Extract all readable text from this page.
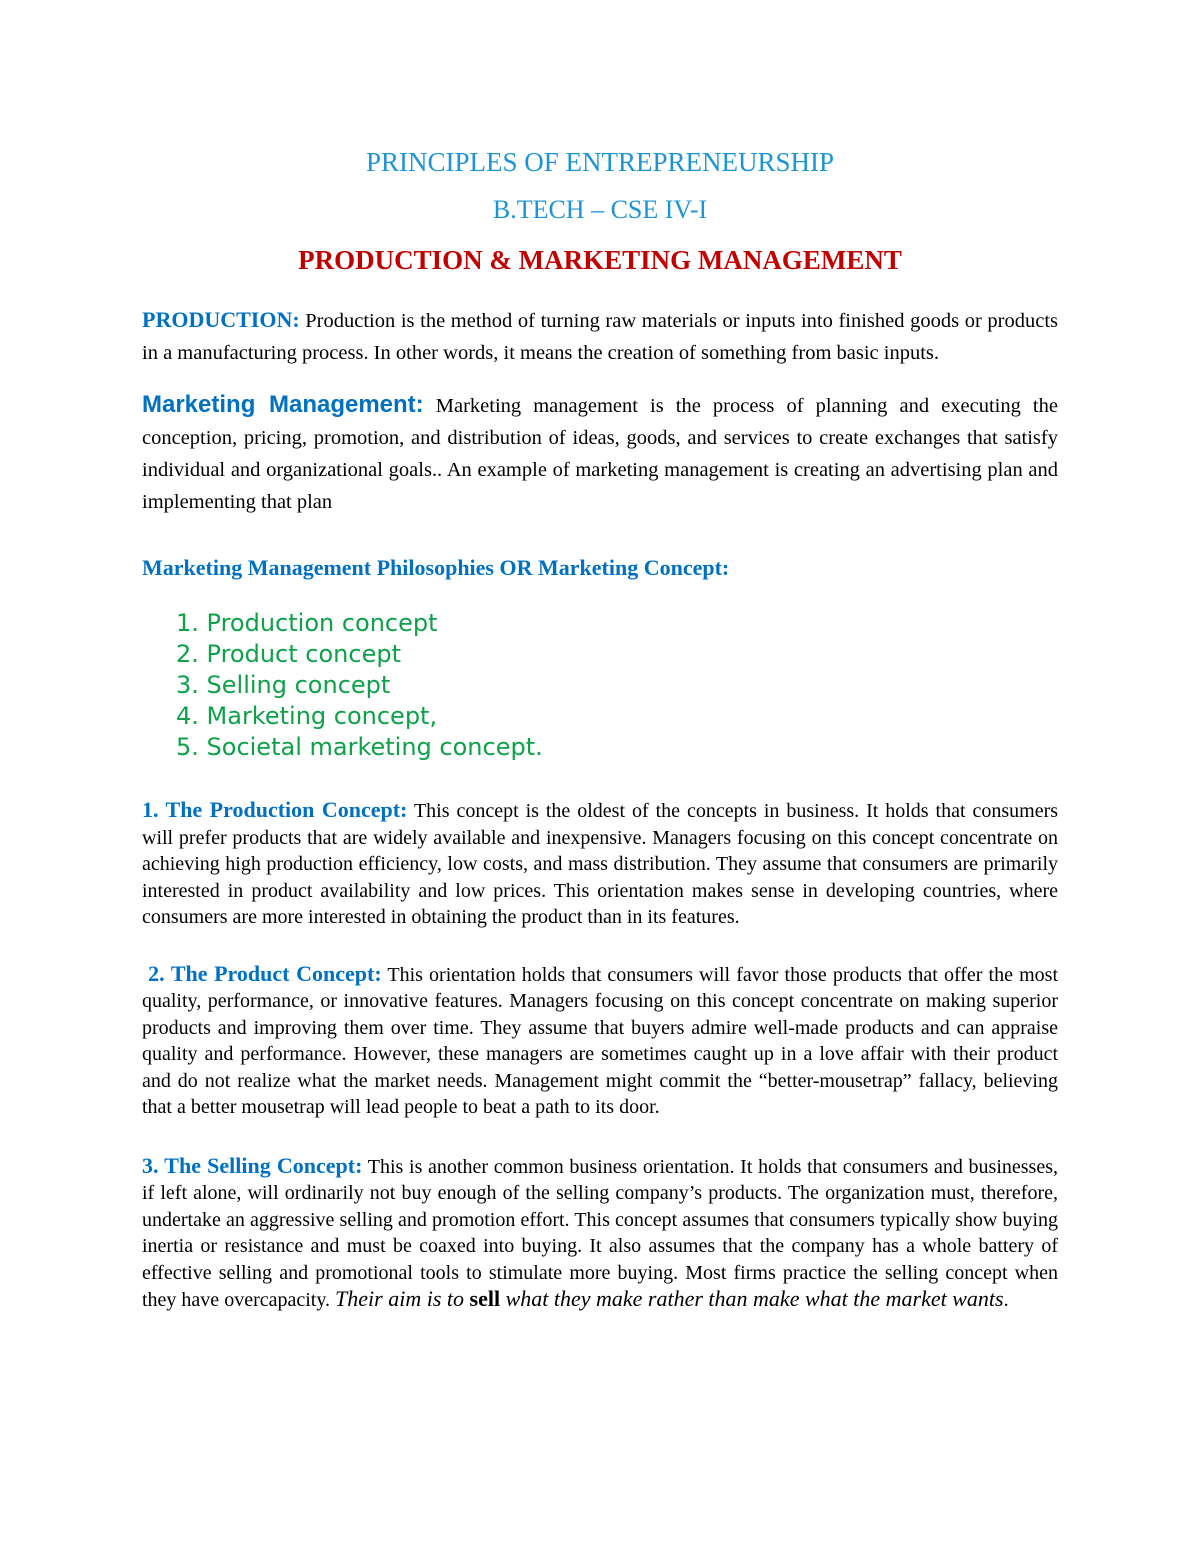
PRINCIPLES OF ENTREPRENEURSHIP
B.TECH – CSE IV-I
PRODUCTION & MARKETING MANAGEMENT

PRODUCTION: Production is the method of turning raw materials or inputs into finished goods or products in a manufacturing process. In other words, it means the creation of something from basic inputs.

Marketing Management: Marketing management is the process of planning and executing the conception, pricing, promotion, and distribution of ideas, goods, and services to create exchanges that satisfy individual and organizational goals.. An example of marketing management is creating an advertising plan and implementing that plan

Marketing Management Philosophies OR Marketing Concept:
1. Production concept
2. Product concept
3. Selling concept
4. Marketing concept,
5. Societal marketing concept.

1. The Production Concept: This concept is the oldest of the concepts in business. It holds that consumers will prefer products that are widely available and inexpensive. Managers focusing on this concept concentrate on achieving high production efficiency, low costs, and mass distribution. They assume that consumers are primarily interested in product availability and low prices. This orientation makes sense in developing countries, where consumers are more interested in obtaining the product than in its features.

2. The Product Concept: This orientation holds that consumers will favor those products that offer the most quality, performance, or innovative features. Managers focusing on this concept concentrate on making superior products and improving them over time. They assume that buyers admire well-made products and can appraise quality and performance. However, these managers are sometimes caught up in a love affair with their product and do not realize what the market needs. Management might commit the “better-mousetrap” fallacy, believing that a better mousetrap will lead people to beat a path to its door.

3. The Selling Concept: This is another common business orientation. It holds that consumers and businesses, if left alone, will ordinarily not buy enough of the selling company’s products. The organization must, therefore, undertake an aggressive selling and promotion effort. This concept assumes that consumers typically show buying inertia or resistance and must be coaxed into buying. It also assumes that the company has a whole battery of effective selling and promotional tools to stimulate more buying. Most firms practice the selling concept when they have overcapacity. Their aim is to sell what they make rather than make what the market wants.
